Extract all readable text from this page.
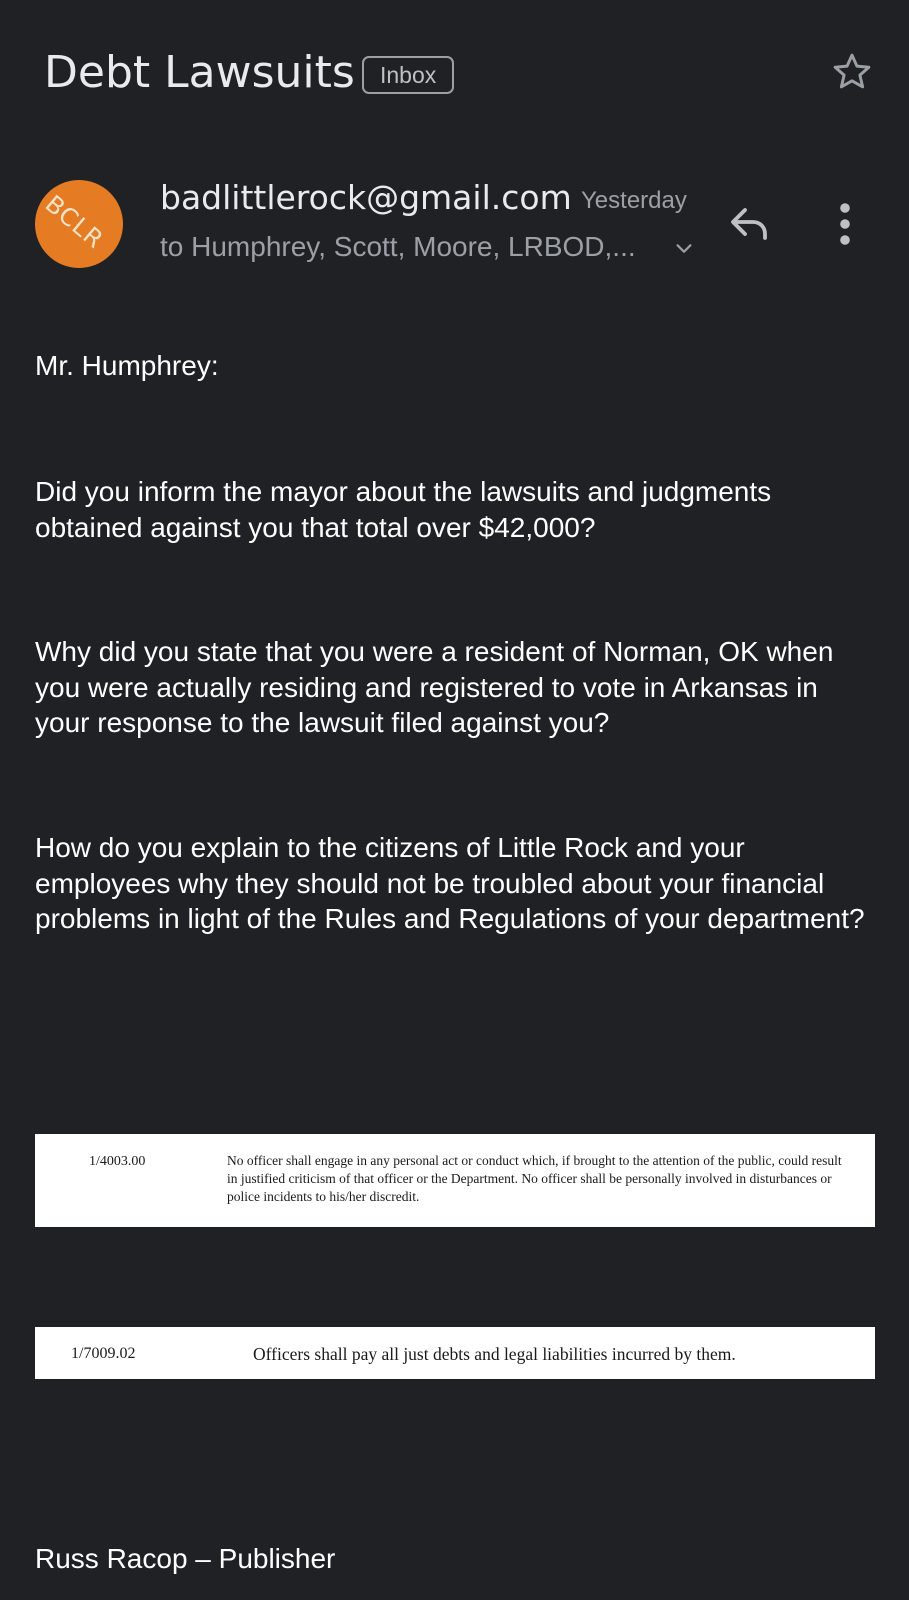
Debt Lawsuits	Inbox
BCLR badlittlerock@gmail.com Yesterday
to Humphrey, Scott, Moore, LRBOD,...
Mr. Humphrey:
Did you inform the mayor about the lawsuits and judgments obtained against you that total over $42,000?
Why did you state that you were a resident of Norman, OK when you were actually residing and registered to vote in Arkansas in your response to the lawsuit filed against you?
How do you explain to the citizens of Little Rock and your employees why they should not be troubled about your financial problems in light of the Rules and Regulations of your department?
1/4003.00	No officer shall engage in any personal act or conduct which, if brought to the attention of the public, could result in justified criticism of that officer or the Department. No officer shall be personally involved in disturbances or police incidents to his/her discredit.
1/7009.02	Officers shall pay all just debts and legal liabilities incurred by them.
Russ Racop – Publisher
